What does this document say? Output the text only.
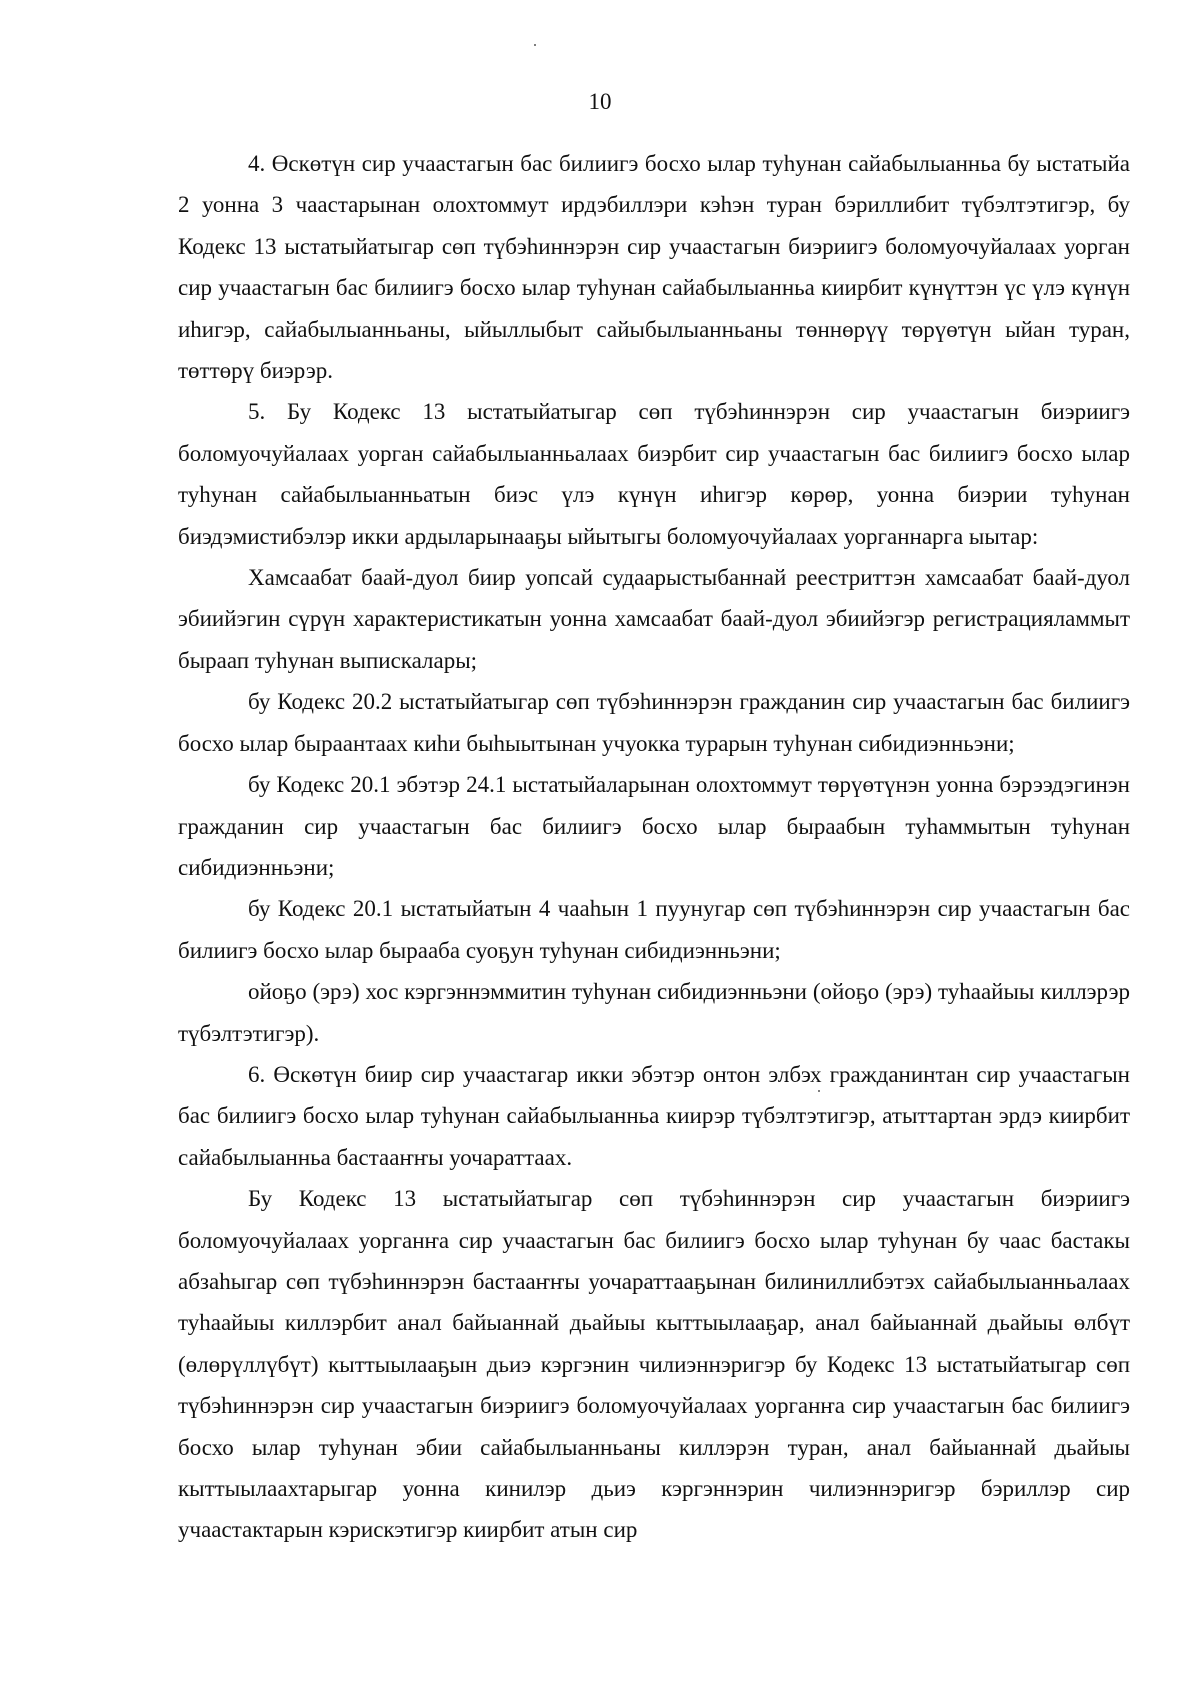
10

4. Өскөтүн сир учаастагын бас билиигэ босхо ылар туһунан сайабылыанньа бу ыстатыйа 2 уонна 3 чаастарынан олохтоммут ирдэбиллэри кэһэн туран бэриллибит түбэлтэтигэр, бу Кодекс 13 ыстатыйатыгар сөп түбэһиннэрэн сир учаастагын биэриигэ боломуочуйалаах уорган сир учаастагын бас билиигэ босхо ылар туһунан сайабылыанньа киирбит күнүттэн үс үлэ күнүн иһигэр, сайабылыанньаны, ыйыллыбыт сайыбылыанньаны төннөрүү төрүөтүн ыйан туран, төттөрү биэрэр.

5. Бу Кодекс 13 ыстатыйатыгар сөп түбэһиннэрэн сир учаастагын биэриигэ боломуочуйалаах уорган сайабылыанньалаах биэрбит сир учаастагын бас билиигэ босхо ылар туһунан сайабылыанньатын биэс үлэ күнүн иһигэр көрөр, уонна биэрии туһунан биэдэмистибэлэр икки ардыларынааҕы ыйытыгы боломуочуйалаах уорганнарга ыытар:

Хамсаабат баай-дуол биир уопсай судаарыстыбаннай реестриттэн хамсаабат баай-дуол эбиийэгин сүрүн характеристикатын уонна хамсаабат баай-дуол эбиийэгэр регистрацияламмыт быраап туһунан выпискалары;

бу Кодекс 20.2 ыстатыйатыгар сөп түбэһиннэрэн гражданин сир учаастагын бас билиигэ босхо ылар быраантаах киһи быһыытынан учуокка турарын туһунан сибидиэнньэни;

бу Кодекс 20.1 эбэтэр 24.1 ыстатыйаларынан олохтоммут төрүөтүнэн уонна бэрээдэгинэн гражданин сир учаастагын бас билиигэ босхо ылар быраабын туһаммытын туһунан сибидиэнньэни;

бу Кодекс 20.1 ыстатыйатын 4 чааһын 1 пуунугар сөп түбэһиннэрэн сир учаастагын бас билиигэ босхо ылар быраабa суоҕун туһунан сибидиэнньэни;

ойоҕо (эрэ) хос кэргэннэммитин туһунан сибидиэнньэни (ойоҕо (эрэ) туһаайыы киллэрэр түбэлтэтигэр).

6. Өскөтүн биир сир учаастагар икки эбэтэр онтон элбэх гражданинтан сир учаастагын бас билиигэ босхо ылар туһунан сайабылыанньа киирэр түбэлтэтигэр, атыттартан эрдэ киирбит сайабылыанньа бастааҥҥы уочараттаах.

Бу Кодекс 13 ыстатыйатыгар сөп түбэһиннэрэн сир учаастагын биэриигэ боломуочуйалаах уорганҥа сир учаастагын бас билиигэ босхо ылар туһунан бу чаас бастакы абзаһыгар сөп түбэһиннэрэн бастааҥҥы уочараттааҕынан билиниллибэтэх сайабылыанньалаах туһаайыы киллэрбит анал байыаннай дьайыы кыттыылааҕар, анал байыаннай дьайыы өлбүт (өлөрүллүбүт) кыттыылааҕын дьиэ кэргэнин чилиэннэригэр бу Кодекс 13 ыстатыйатыгар сөп түбэһиннэрэн сир учаастагын биэриигэ боломуочуйалаах уорганҥа сир учаастагын бас билиигэ босхо ылар туһунан эбии сайабылыанньаны киллэрэн туран, анал байыаннай дьайыы кыттыылаахтарыгар уонна кинилэр дьиэ кэргэннэрин чилиэннэригэр бэриллэр сир учаастактарын кэрискэтигэр киирбит атын сир
